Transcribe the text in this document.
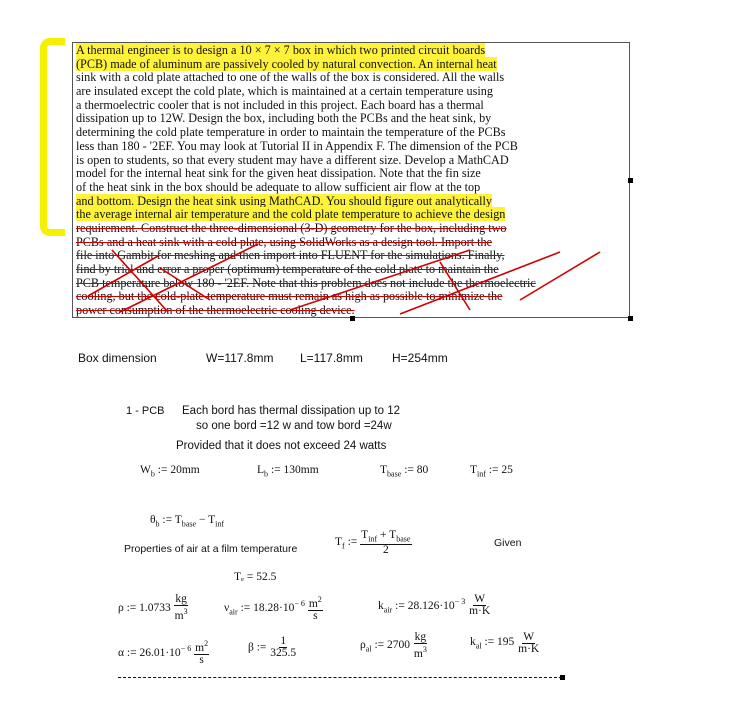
A thermal engineer is to design a 10 × 7 × 7 box in which two printed circuit boards
(PCB) made of aluminum are passively cooled by natural convection. An internal heat
sink with a cold plate attached to one of the walls of the box is considered. All the walls
are insulated except the cold plate, which is maintained at a certain temperature using
a thermoelectric cooler that is not included in this project. Each board has a thermal
dissipation up to 12W. Design the box, including both the PCBs and the heat sink, by
determining the cold plate temperature in order to maintain the temperature of the PCBs
less than 180 - '2EF. You may look at Tutorial II in Appendix F. The dimension of the PCB
is open to students, so that every student may have a different size. Develop a MathCAD
model for the internal heat sink for the given heat dissipation. Note that the fin size
of the heat sink in the box should be adequate to allow sufficient air flow at the top
and bottom. Design the heat sink using MathCAD. You should figure out analytically
the average internal air temperature and the cold plate temperature to achieve the design
requirement. Construct the three-dimensional (3-D) geometry for the box, including two
PCBs and a heat sink with a cold plate, using SolidWorks as a design tool. Import the
file into Gambit for meshing and then import into FLUENT for the simulations. Finally,
find by trial and error a proper (optimum) temperature of the cold plate to maintain the
PCB temperature below 180 - '2EF. Note that this problem does not include the thermoelectric
cooling, but the cold-plate temperature must remain as high as possible to minimize the
power consumption of the thermoelectric cooling device.
Box dimension	W=117.8mm L=117.8mm H=254mm
1 - PCB Each bord has thermal dissipation up to 12
so one bord =12 w and tow bord =24w
Provided that it does not exceed 24 watts
$W_b$ := 20mm	$L_b$ := 130mm	$T_{base}$ := 80	$T_{inf}$ := 25
$\theta_b$ := $T_{base} - T_{inf}$
Properties of air at a film temperature
$T_f$ := $\frac{T_{inf} + T_{base}}{2}$	Given
Tₑ = 52.5
ρ := $1.0733 \frac{kg}{m^3}$	$\nu_{air}$ := $18.28\cdot 10^{- 6} \frac{m^2}{s}$	$k_{air}$ := $28.126\cdot 10^{- 3} \frac{W}{m\cdot K}$
α := $26.01\cdot 10^{- 6} \frac{m^2}{s}$	β := $\frac{1}{325.5}$	$\rho_{al}$ := $2700 \frac{kg}{m^3}$	$k_{al}$ := $195 \frac{W}{m\cdot K}$
